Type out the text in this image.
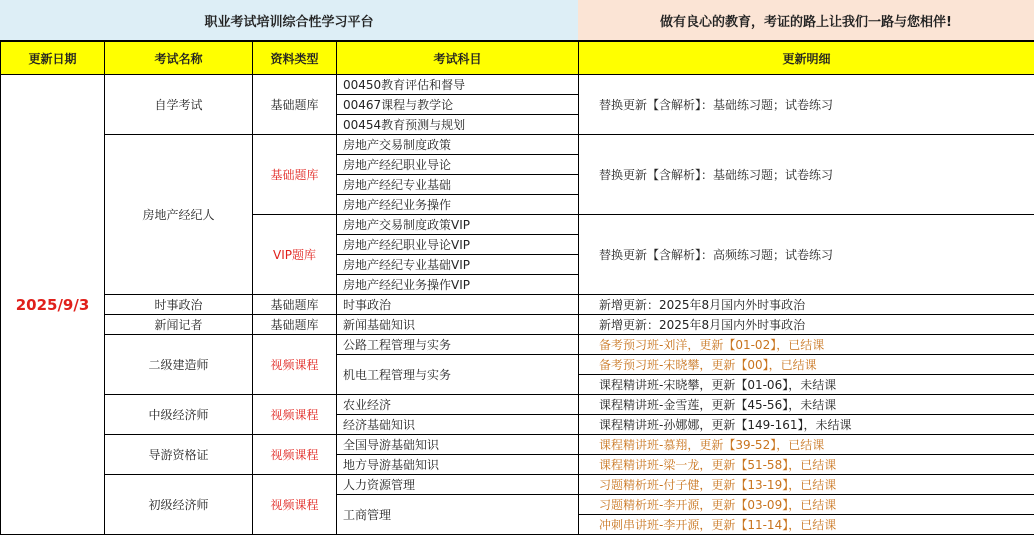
职业考试培训综合性学习平台	做有良心的教育，考证的路上让我们一路与您相伴!
更新日期	考试名称	资料类型	考试科目	更新明细
2025/9/3	自学考试	基础题库	00450教育评估和督导	替换更新【含解析】：基础练习题；试卷练习
			00467课程与教学论	
			00454教育预测与规划	
	房地产经纪人	基础题库	房地产交易制度政策	替换更新【含解析】：基础练习题；试卷练习
			房地产经纪职业导论	
			房地产经纪专业基础	
			房地产经纪业务操作	
		VIP题库	房地产交易制度政策VIP	替换更新【含解析】：高频练习题；试卷练习
			房地产经纪职业导论VIP	
			房地产经纪专业基础VIP	
			房地产经纪业务操作VIP	
	时事政治	基础题库	时事政治	新增更新：2025年8月国内外时事政治
	新闻记者	基础题库	新闻基础知识	新增更新：2025年8月国内外时事政治
	二级建造师	视频课程	公路工程管理与实务	备考预习班-刘洋，更新【01-02】，已结课
			机电工程管理与实务	备考预习班-宋晓攀，更新【00】，已结课
				课程精讲班-宋晓攀，更新【01-06】，未结课
	中级经济师	视频课程	农业经济	课程精讲班-金雪莲，更新【45-56】，未结课
			经济基础知识	课程精讲班-孙娜娜，更新【149-161】，未结课
	导游资格证	视频课程	全国导游基础知识	课程精讲班-慕翔，更新【39-52】，已结课
			地方导游基础知识	课程精讲班-梁一龙，更新【51-58】，已结课
	初级经济师	视频课程	人力资源管理	习题精析班-付子健，更新【13-19】，已结课
			工商管理	习题精析班-李开源，更新【03-09】，已结课
				冲刺串讲班-李开源，更新【11-14】，已结课
